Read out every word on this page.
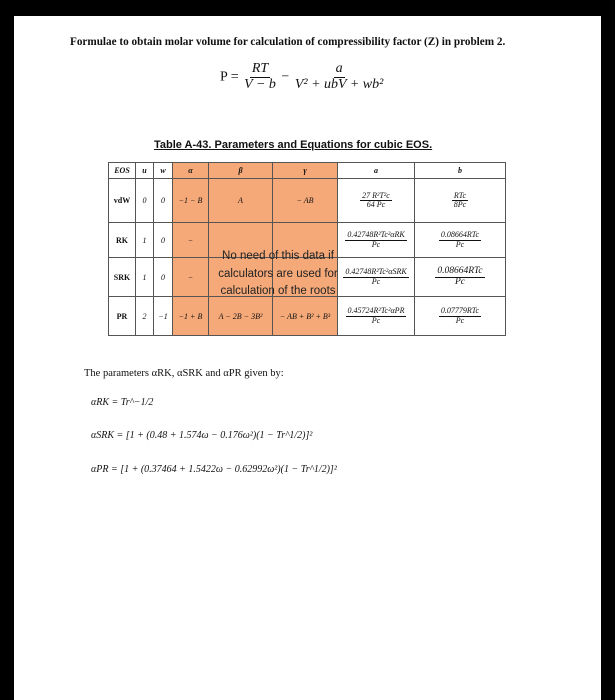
Formulae to obtain molar volume for calculation of compressibility factor (Z) in problem 2.
$P = \frac{RT}{V - b} - \frac{a}{\text{V² + ubV + wb²}}$
Table A-43. Parameters and Equations for cubic EOS.
EOS	u	w	α	β	γ	a	b
vdW	0	0	−1 − B	A	− AB	$\frac{\text{27 R²T²c}}{64 Pc}$	$\frac{\text{RTc}}{8Pc}$

RK	1	0	−			$\frac{\text{0.42748R²Tc²αRK}}{Pc}$	$\frac{\text{0.08664RTc}}{Pc}$

SRK	1	0	−			$\frac{\text{0.42748R²Tc²αSRK}}{Pc}$	$\frac{\text{0.08664RTc}}{Pc}$

PR	2	−1	−1 + B	A − 2B − 3B²	− AB + B² + B³	$\frac{\text{0.45724R²Tc²αPR}}{Pc}$	$\frac{\text{0.07779RTc}}{Pc}$
No need of this data if
calculators are used for
calculation of the roots
The parameters αRK, αSRK and αPR given by:
αRK = Tr^−1/2
αSRK = [1 + (0.48 + 1.574ω − 0.176ω²)(1 − Tr^1/2)]²
αPR = [1 + (0.37464 + 1.5422ω − 0.62992ω²)(1 − Tr^1/2)]²
